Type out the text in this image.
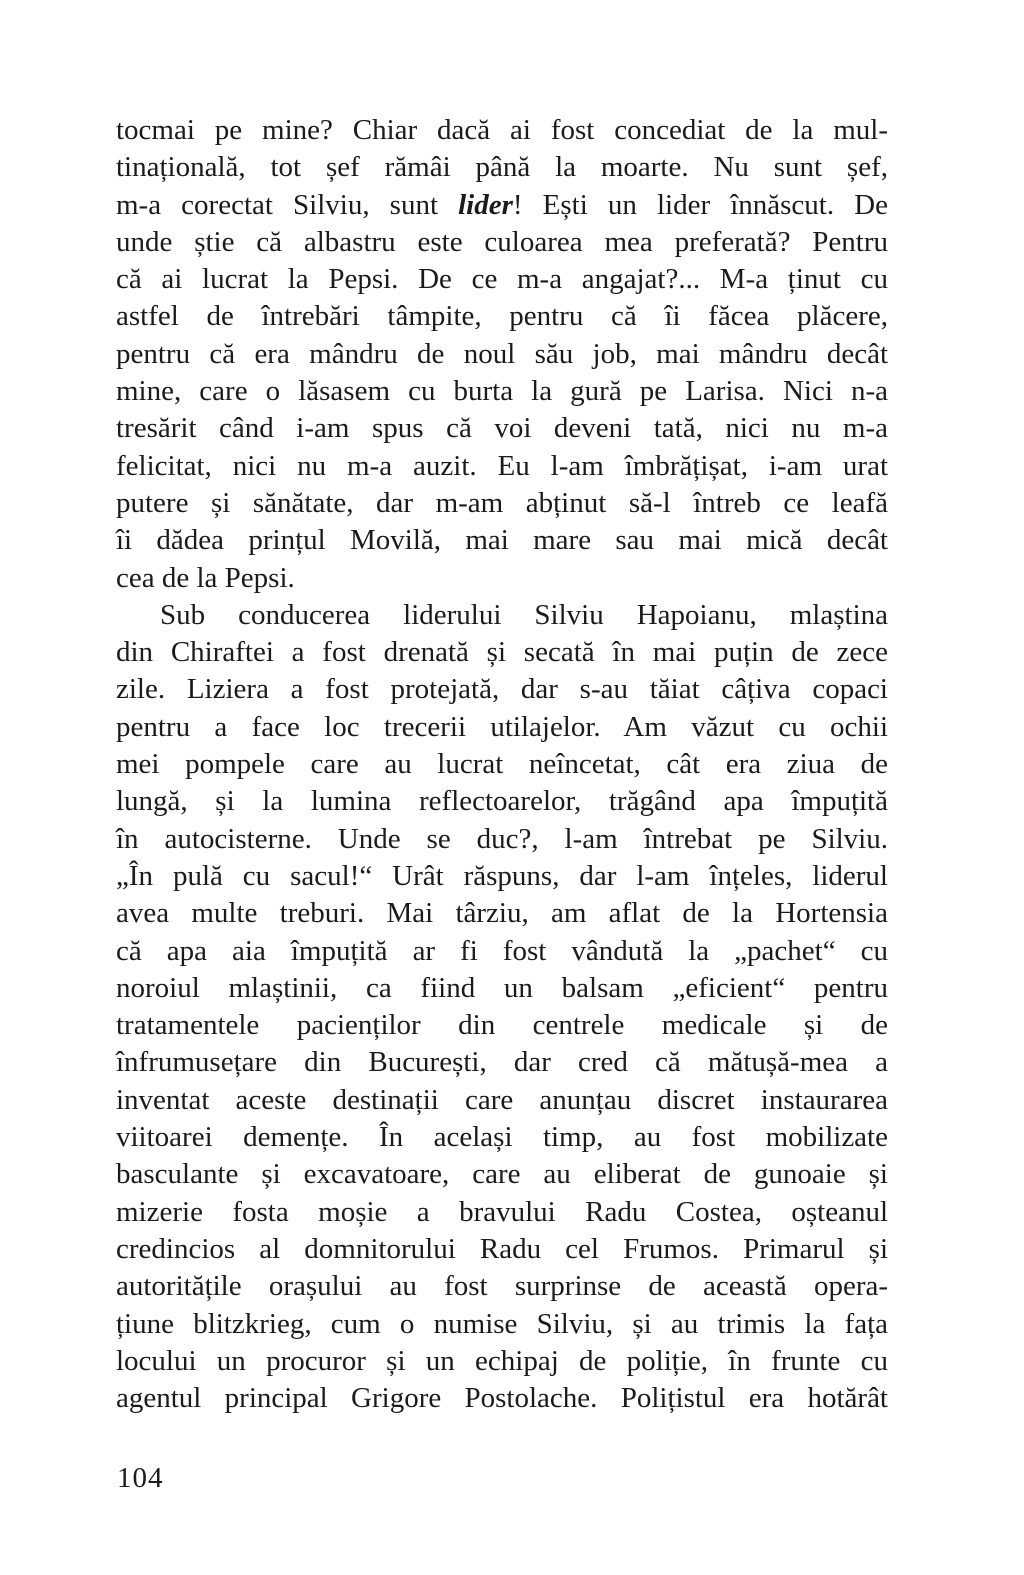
tocmai pe mine? Chiar dacă ai fost concediat de la mul-
tinațională, tot șef rămâi până la moarte. Nu sunt șef,
m-a corectat Silviu, sunt lider! Ești un lider înnăscut. De
unde știe că albastru este culoarea mea preferată? Pentru
că ai lucrat la Pepsi. De ce m-a angajat?... M-a ținut cu
astfel de întrebări tâmpite, pentru că îi făcea plăcere,
pentru că era mândru de noul său job, mai mândru decât
mine, care o lăsasem cu burta la gură pe Larisa. Nici n-a
tresărit când i-am spus că voi deveni tată, nici nu m-a
felicitat, nici nu m-a auzit. Eu l-am îmbrățișat, i-am urat
putere și sănătate, dar m-am abținut să-l întreb ce leafă
îi dădea prințul Movilă, mai mare sau mai mică decât
cea de la Pepsi.
Sub conducerea liderului Silviu Hapoianu, mlaștina
din Chiraftei a fost drenată și secată în mai puțin de zece
zile. Liziera a fost protejată, dar s-au tăiat câțiva copaci
pentru a face loc trecerii utilajelor. Am văzut cu ochii
mei pompele care au lucrat neîncetat, cât era ziua de
lungă, și la lumina reflectoarelor, trăgând apa împuțită
în autocisterne. Unde se duc?, l-am întrebat pe Silviu.
„În pulă cu sacul!“ Urât răspuns, dar l-am înțeles, liderul
avea multe treburi. Mai târziu, am aflat de la Hortensia
că apa aia împuțită ar fi fost vândută la „pachet“ cu
noroiul mlaștinii, ca fiind un balsam „eficient“ pentru
tratamentele pacienților din centrele medicale și de
înfrumusețare din București, dar cred că mătușă-mea a
inventat aceste destinații care anunțau discret instaurarea
viitoarei demențe. În același timp, au fost mobilizate
basculante și excavatoare, care au eliberat de gunoaie și
mizerie fosta moșie a bravului Radu Costea, oșteanul
credincios al domnitorului Radu cel Frumos. Primarul și
autoritățile orașului au fost surprinse de această opera-
țiune blitzkrieg, cum o numise Silviu, și au trimis la fața
locului un procuror și un echipaj de poliție, în frunte cu
agentul principal Grigore Postolache. Polițistul era hotărât
104
